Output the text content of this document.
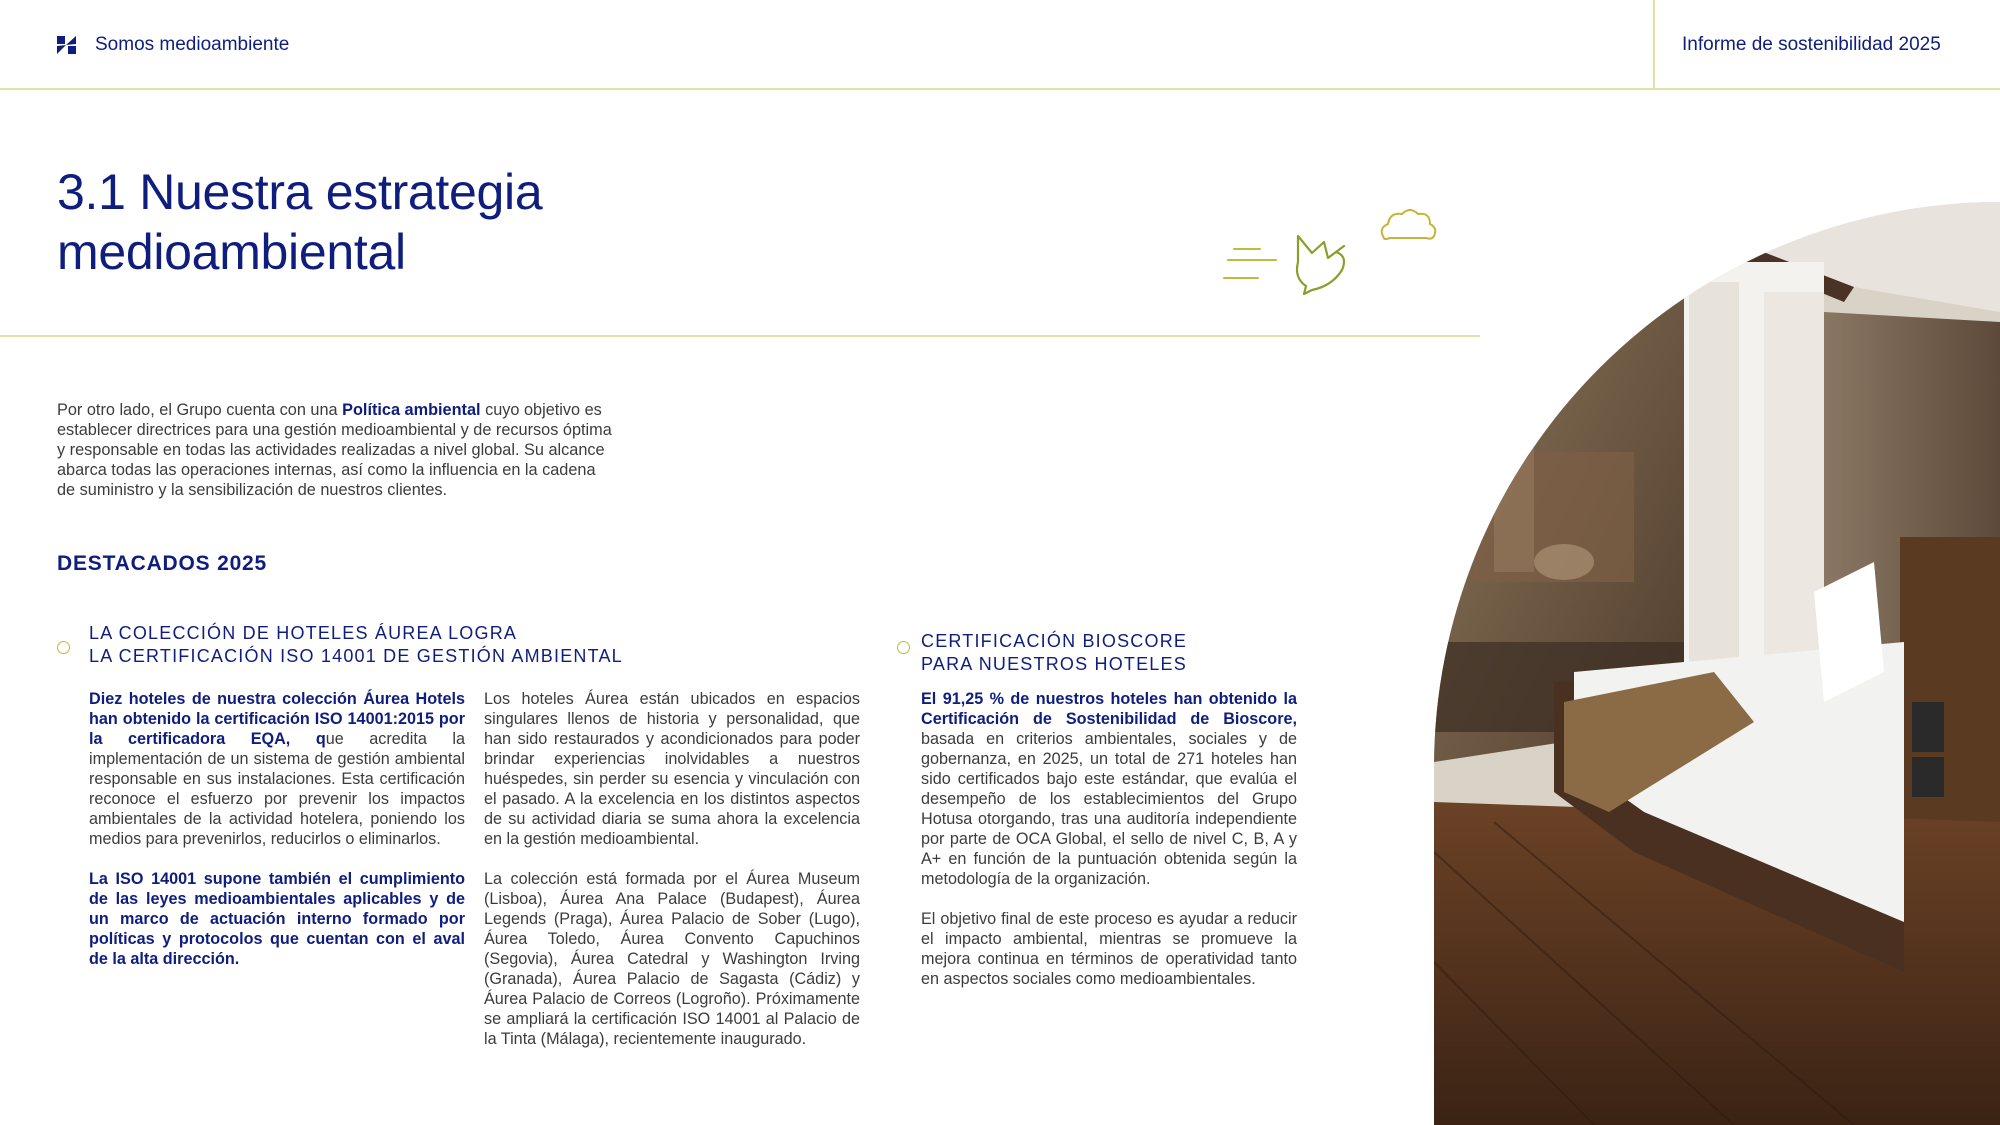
Somos medioambiente	Informe de sostenibilidad 2025
3.1 Nuestra estrategia
medioambiental
Por otro lado, el Grupo cuenta con una Política ambiental cuyo objetivo es establecer directrices para una gestión medioambiental y de recursos óptima y responsable en todas las actividades realizadas a nivel global. Su alcance abarca todas las operaciones internas, así como la influencia en la cadena de suministro y la sensibilización de nuestros clientes.
DESTACADOS 2025
LA COLECCIÓN DE HOTELES ÁUREA LOGRA
LA CERTIFICACIÓN ISO 14001 DE GESTIÓN AMBIENTAL

Diez hoteles de nuestra colección Áurea Hotels han obtenido la certificación ISO 14001:2015 por la certificadora EQA, que acredita la implementación de un sistema de gestión ambiental responsable en sus instalaciones. Esta certificación reconoce el esfuerzo por prevenir los impactos ambientales de la actividad hotelera, poniendo los medios para prevenirlos, reducirlos o eliminarlos.

La ISO 14001 supone también el cumplimiento de las leyes medioambientales aplicables y de un marco de actuación interno formado por políticas y protocolos que cuentan con el aval de la alta dirección.

Los hoteles Áurea están ubicados en espacios singulares llenos de historia y personalidad, que han sido restaurados y acondicionados para poder brindar experiencias inolvidables a nuestros huéspedes, sin perder su esencia y vinculación con el pasado. A la excelencia en los distintos aspectos de su actividad diaria se suma ahora la excelencia en la gestión medioambiental.

La colección está formada por el Áurea Museum (Lisboa), Áurea Ana Palace (Budapest), Áurea Legends (Praga), Áurea Palacio de Sober (Lugo), Áurea Toledo, Áurea Convento Capuchinos (Segovia), Áurea Catedral y Washington Irving (Granada), Áurea Palacio de Sagasta (Cádiz) y Áurea Palacio de Correos (Logroño). Próximamente se ampliará la certificación ISO 14001 al Palacio de la Tinta (Málaga), recientemente inaugurado.

CERTIFICACIÓN BIOSCORE
PARA NUESTROS HOTELES

El 91,25 % de nuestros hoteles han obtenido la Certificación de Sostenibilidad de Bioscore, basada en criterios ambientales, sociales y de gobernanza, en 2025, un total de 271 hoteles han sido certificados bajo este estándar, que evalúa el desempeño de los establecimientos del Grupo Hotusa otorgando, tras una auditoría independiente por parte de OCA Global, el sello de nivel C, B, A y A+ en función de la puntuación obtenida según la metodología de la organización.

El objetivo final de este proceso es ayudar a reducir el impacto ambiental, mientras se promueve la mejora continua en términos de operatividad tanto en aspectos sociales como medioambientales.
